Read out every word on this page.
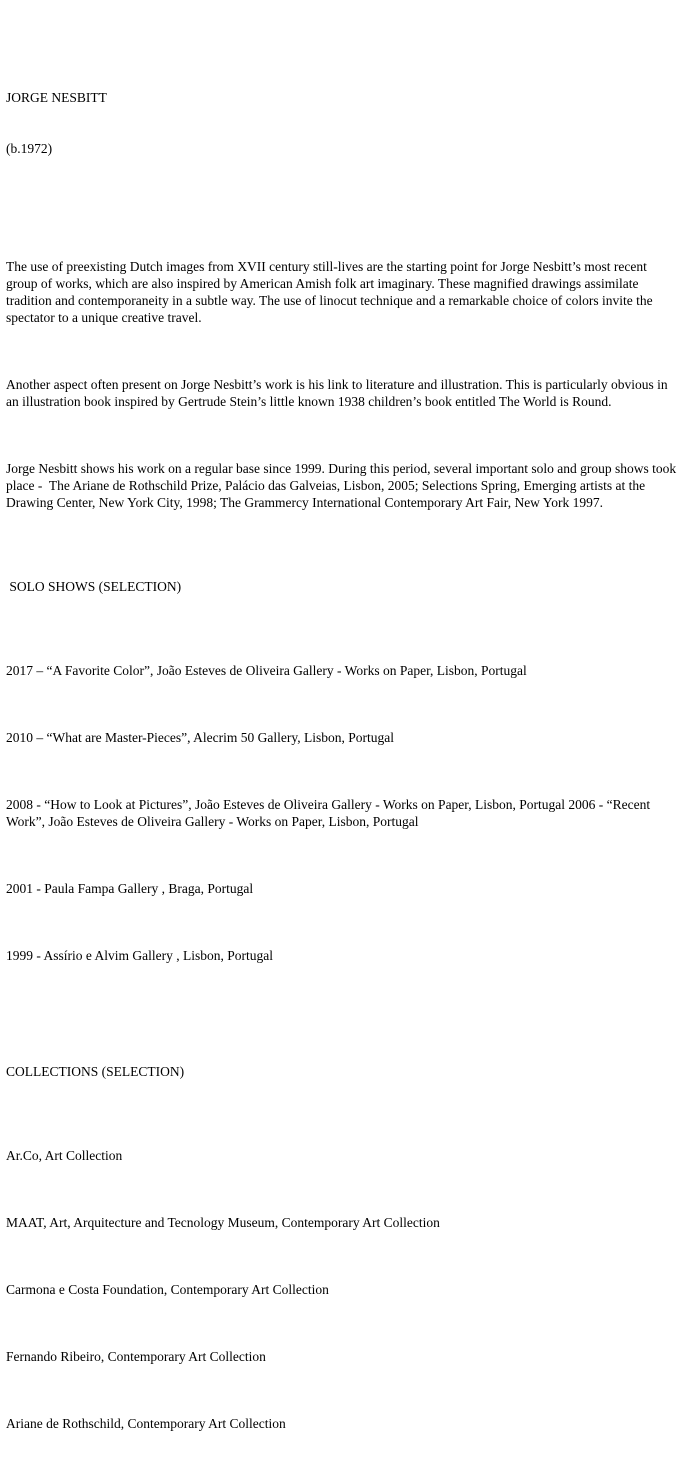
JORGE NESBITT

(b.1972)

The use of preexisting Dutch images from XVII century still-lives are the starting point for Jorge Nesbitt’s most recent group of works, which are also inspired by American Amish folk art imaginary. These magnified drawings assimilate tradition and contemporaneity in a subtle way. The use of linocut technique and a remarkable choice of colors invite the spectator to a unique creative travel.

Another aspect often present on Jorge Nesbitt’s work is his link to literature and illustration. This is particularly obvious in an illustration book inspired by Gertrude Stein’s little known 1938 children’s book entitled The World is Round.

Jorge Nesbitt shows his work on a regular base since 1999. During this period, several important solo and group shows took place -  The Ariane de Rothschild Prize, Palácio das Galveias, Lisbon, 2005; Selections Spring, Emerging artists at the Drawing Center, New York City, 1998; The Grammercy International Contemporary Art Fair, New York 1997.

SOLO SHOWS (SELECTION)

2017 – “A Favorite Color”, João Esteves de Oliveira Gallery - Works on Paper, Lisbon, Portugal

2010 – “What are Master-Pieces”, Alecrim 50 Gallery, Lisbon, Portugal

2008 - “How to Look at Pictures”, João Esteves de Oliveira Gallery - Works on Paper, Lisbon, Portugal 2006 - “Recent Work”, João Esteves de Oliveira Gallery - Works on Paper, Lisbon, Portugal

2001 - Paula Fampa Gallery , Braga, Portugal

1999 - Assírio e Alvim Gallery , Lisbon, Portugal

COLLECTIONS (SELECTION)

Ar.Co, Art Collection

MAAT, Art, Arquitecture and Tecnology Museum, Contemporary Art Collection

Carmona e Costa Foundation, Contemporary Art Collection

Fernando Ribeiro, Contemporary Art Collection

Ariane de Rothschild, Contemporary Art Collection
